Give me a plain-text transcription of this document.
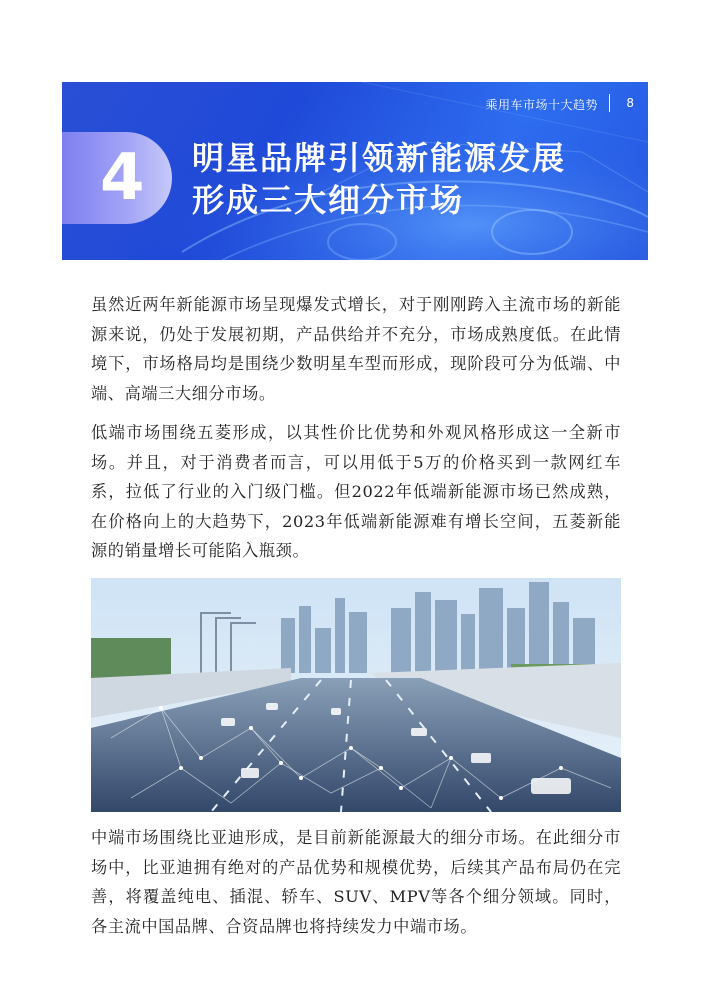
乘用车市场十大趋势 8
4 明星品牌引领新能源发展
形成三大细分市场

虽然近两年新能源市场呈现爆发式增长，对于刚刚跨入主流市场的新能源来说，仍处于发展初期，产品供给并不充分，市场成熟度低。在此情境下，市场格局均是围绕少数明星车型而形成，现阶段可分为低端、中端、高端三大细分市场。

低端市场围绕五菱形成，以其性价比优势和外观风格形成这一全新市场。并且，对于消费者而言，可以用低于5万的价格买到一款网红车系，拉低了行业的入门级门槛。但2022年低端新能源市场已然成熟，在价格向上的大趋势下，2023年低端新能源难有增长空间，五菱新能源的销量增长可能陷入瓶颈。

中端市场围绕比亚迪形成，是目前新能源最大的细分市场。在此细分市场中，比亚迪拥有绝对的产品优势和规模优势，后续其产品布局仍在完善，将覆盖纯电、插混、轿车、SUV、MPV等各个细分领域。同时，各主流中国品牌、合资品牌也将持续发力中端市场。
